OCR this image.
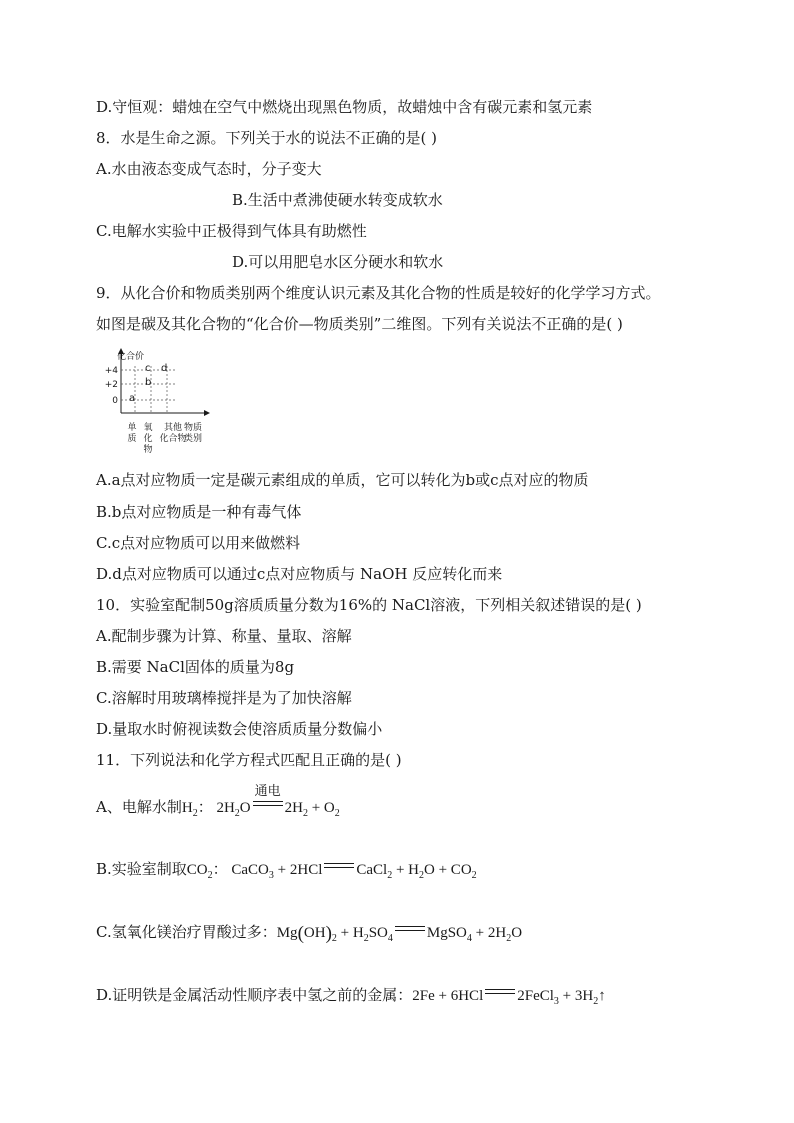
D.守恒观：蜡烛在空气中燃烧出现黑色物质，故蜡烛中含有碳元素和氢元素
8．水是生命之源。下列关于水的说法不正确的是( )
A.水由液态变成气态时，分子变大
B.生活中煮沸使硬水转变成软水
C.电解水实验中正极得到气体具有助燃性
D.可以用肥皂水区分硬水和软水
9．从化合价和物质类别两个维度认识元素及其化合物的性质是较好的化学学习方式。
如图是碳及其化合物的“化合价—物质类别”二维图。下列有关说法不正确的是( )
化合价
物质
类别
+4
+2
0
单质
氧化物
其他化合物
a
b
c d
A.a点对应物质一定是碳元素组成的单质，它可以转化为b或c点对应的物质
B.b点对应物质是一种有毒气体
C.c点对应物质可以用来做燃料
D.d点对应物质可以通过c点对应物质与 NaOH 反应转化而来
10．实验室配制50g溶质质量分数为16%的 NaCl溶液，下列相关叙述错误的是( )
A.配制步骤为计算、称量、量取、溶解
B.需要 NaCl固体的质量为8g
C.溶解时用玻璃棒搅拌是为了加快溶解
D.量取水时俯视读数会使溶质质量分数偏小
11．下列说法和化学方程式匹配且正确的是( )
A、电解水制$H_2$： $2H_2O$
通电
$2H_2 + O_2$
B.实验室制取$CO_2$： CaCO$_3$ + 2HCl CaCl$_2$ + $H_2O + CO_2$
C.氢氧化镁治疗胃酸过多：$Mg(OH)_2 + H_2SO_4$ MgSO$_4$ + $2H_2O$
D.证明铁是金属活动性顺序表中氢之前的金属：2Fe + 6HCl 2FeCl$_3$ + $3H_2↑$
